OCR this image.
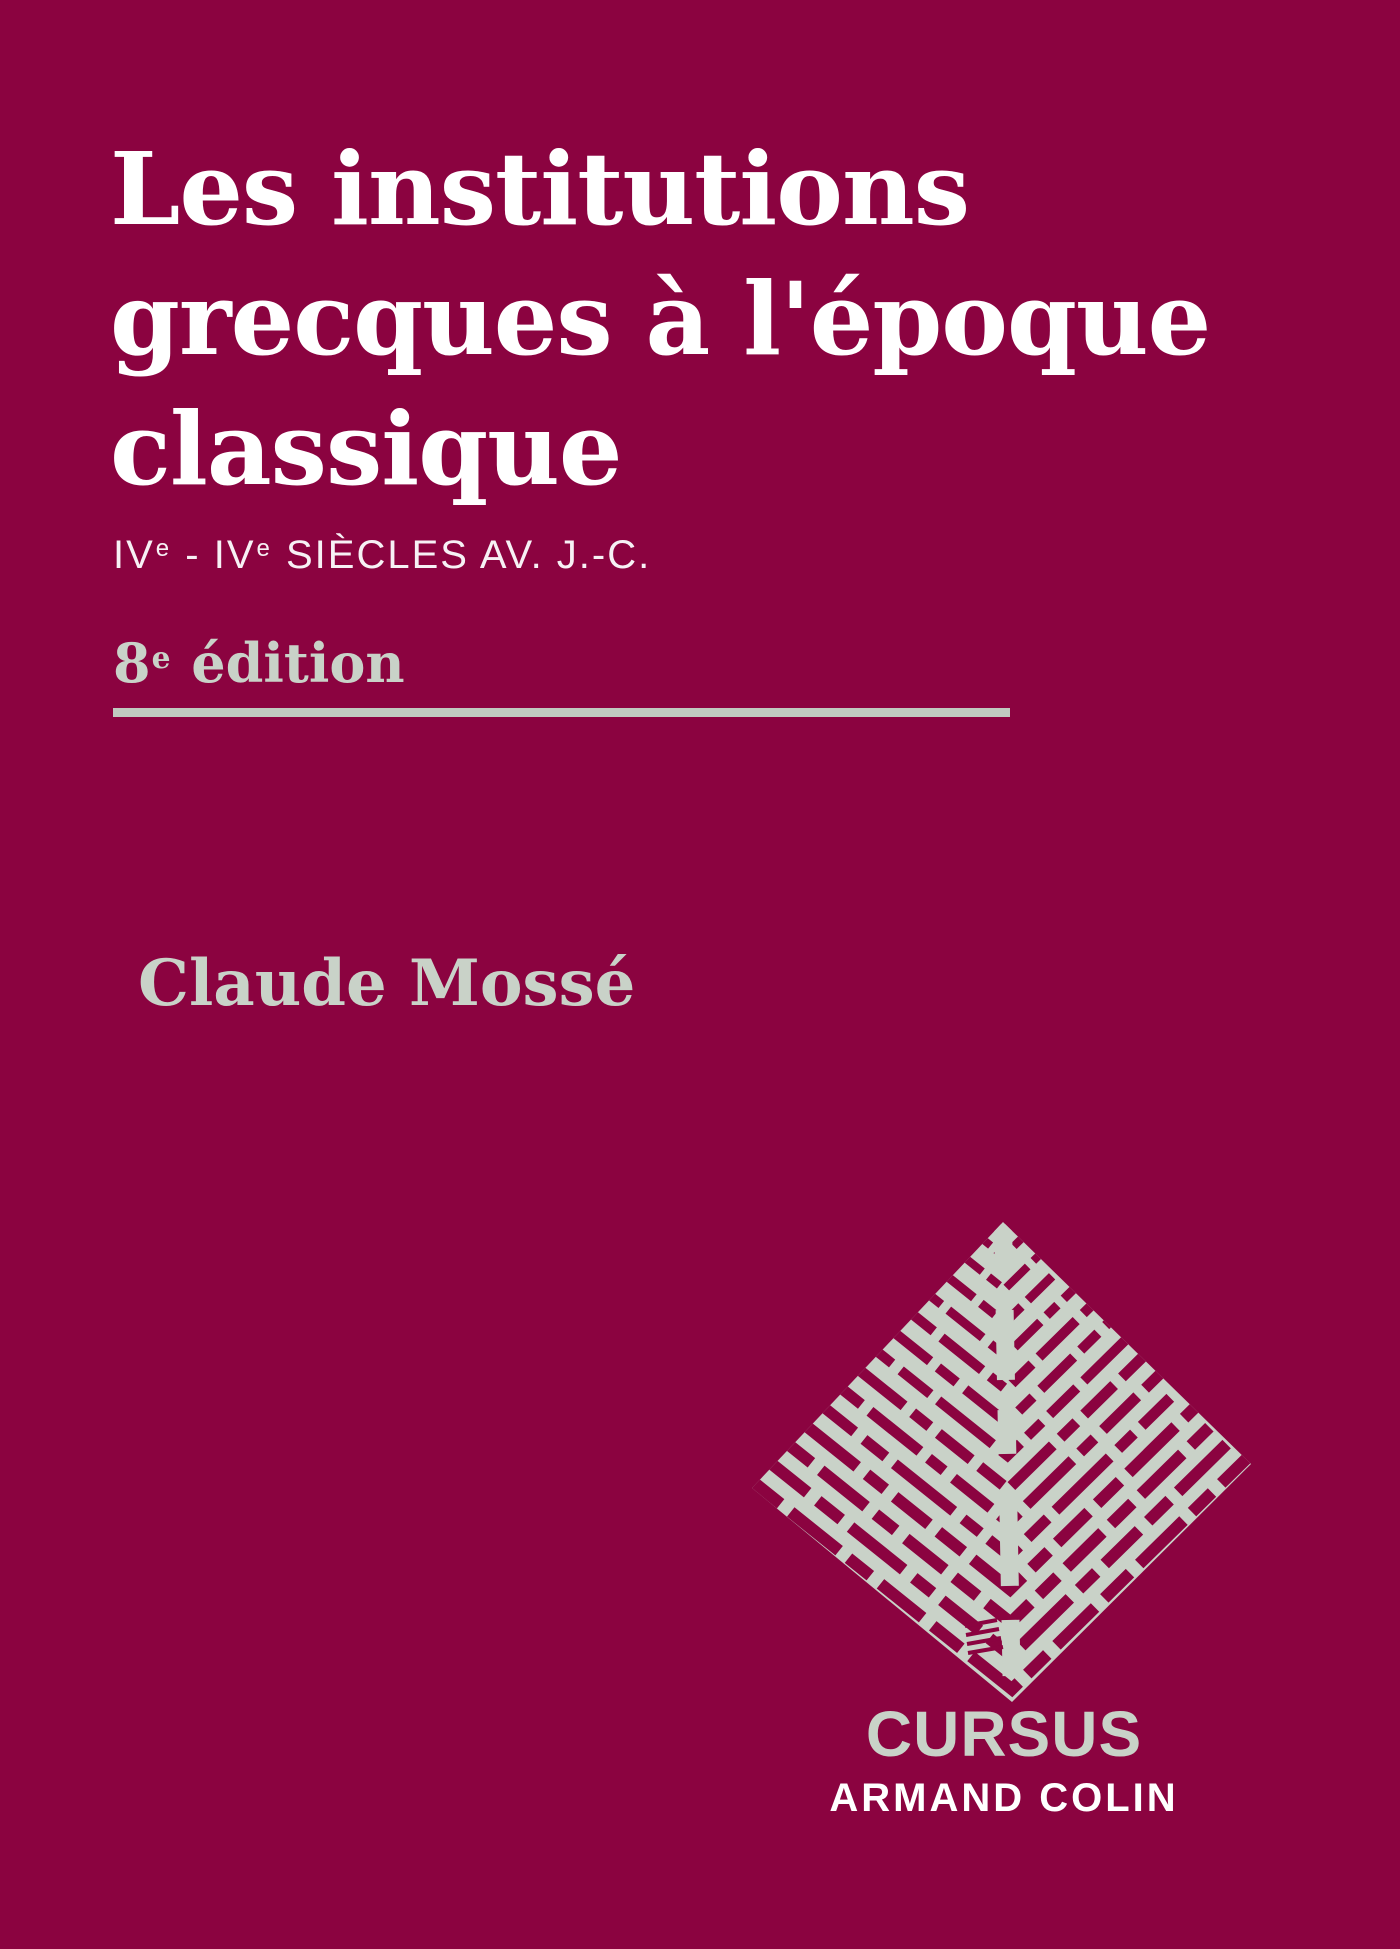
Les institutions
grecques à l'époque
classique
IVe - IVe SIÈCLES AV. J.-C.
8e édition
Claude Mossé
CURSUS
ARMAND COLIN
